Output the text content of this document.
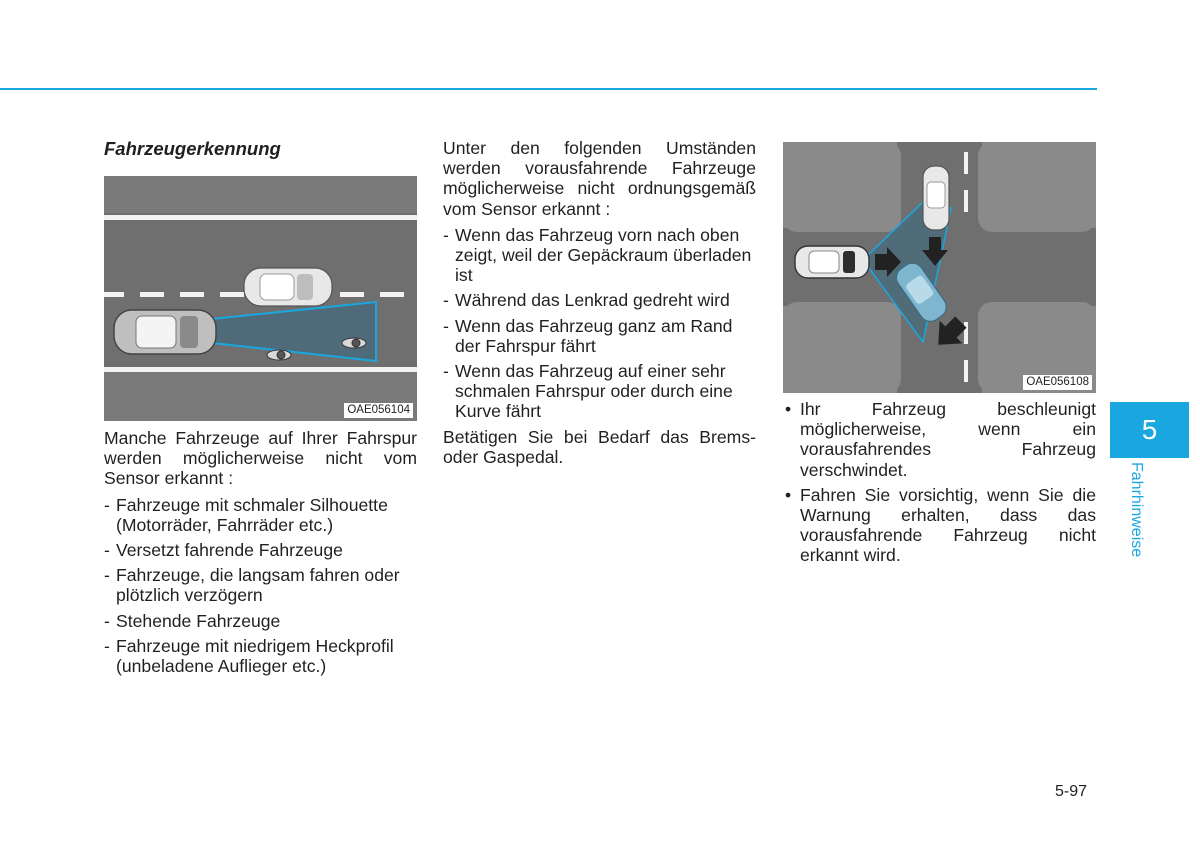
Fahrzeugerkennung
OAE056104

Manche Fahrzeuge auf Ihrer Fahrspur werden möglicherweise nicht vom Sensor erkannt :

- Fahrzeuge mit schmaler Silhouette (Motorräder, Fahrräder etc.)
- Versetzt fahrende Fahrzeuge
- Fahrzeuge, die langsam fahren oder plötzlich verzögern
- Stehende Fahrzeuge
- Fahrzeuge mit niedrigem Heckprofil (unbeladene Auflieger etc.)

Unter den folgenden Umständen werden vorausfahrende Fahrzeuge möglicherweise nicht ordnungsgemäß vom Sensor erkannt :

- Wenn das Fahrzeug vorn nach oben zeigt, weil der Gepäckraum überladen ist
- Während das Lenkrad gedreht wird
- Wenn das Fahrzeug ganz am Rand der Fahrspur fährt
- Wenn das Fahrzeug auf einer sehr schmalen Fahrspur oder durch eine Kurve fährt

Betätigen Sie bei Bedarf das Brems- oder Gaspedal.

OAE056108
• Ihr Fahrzeug beschleunigt möglicherweise, wenn ein vorausfahrendes Fahrzeug verschwindet.
• Fahren Sie vorsichtig, wenn Sie die Warnung erhalten, dass das vorausfahrende Fahrzeug nicht erkannt wird.
5
Fahrhinweise
5-97
